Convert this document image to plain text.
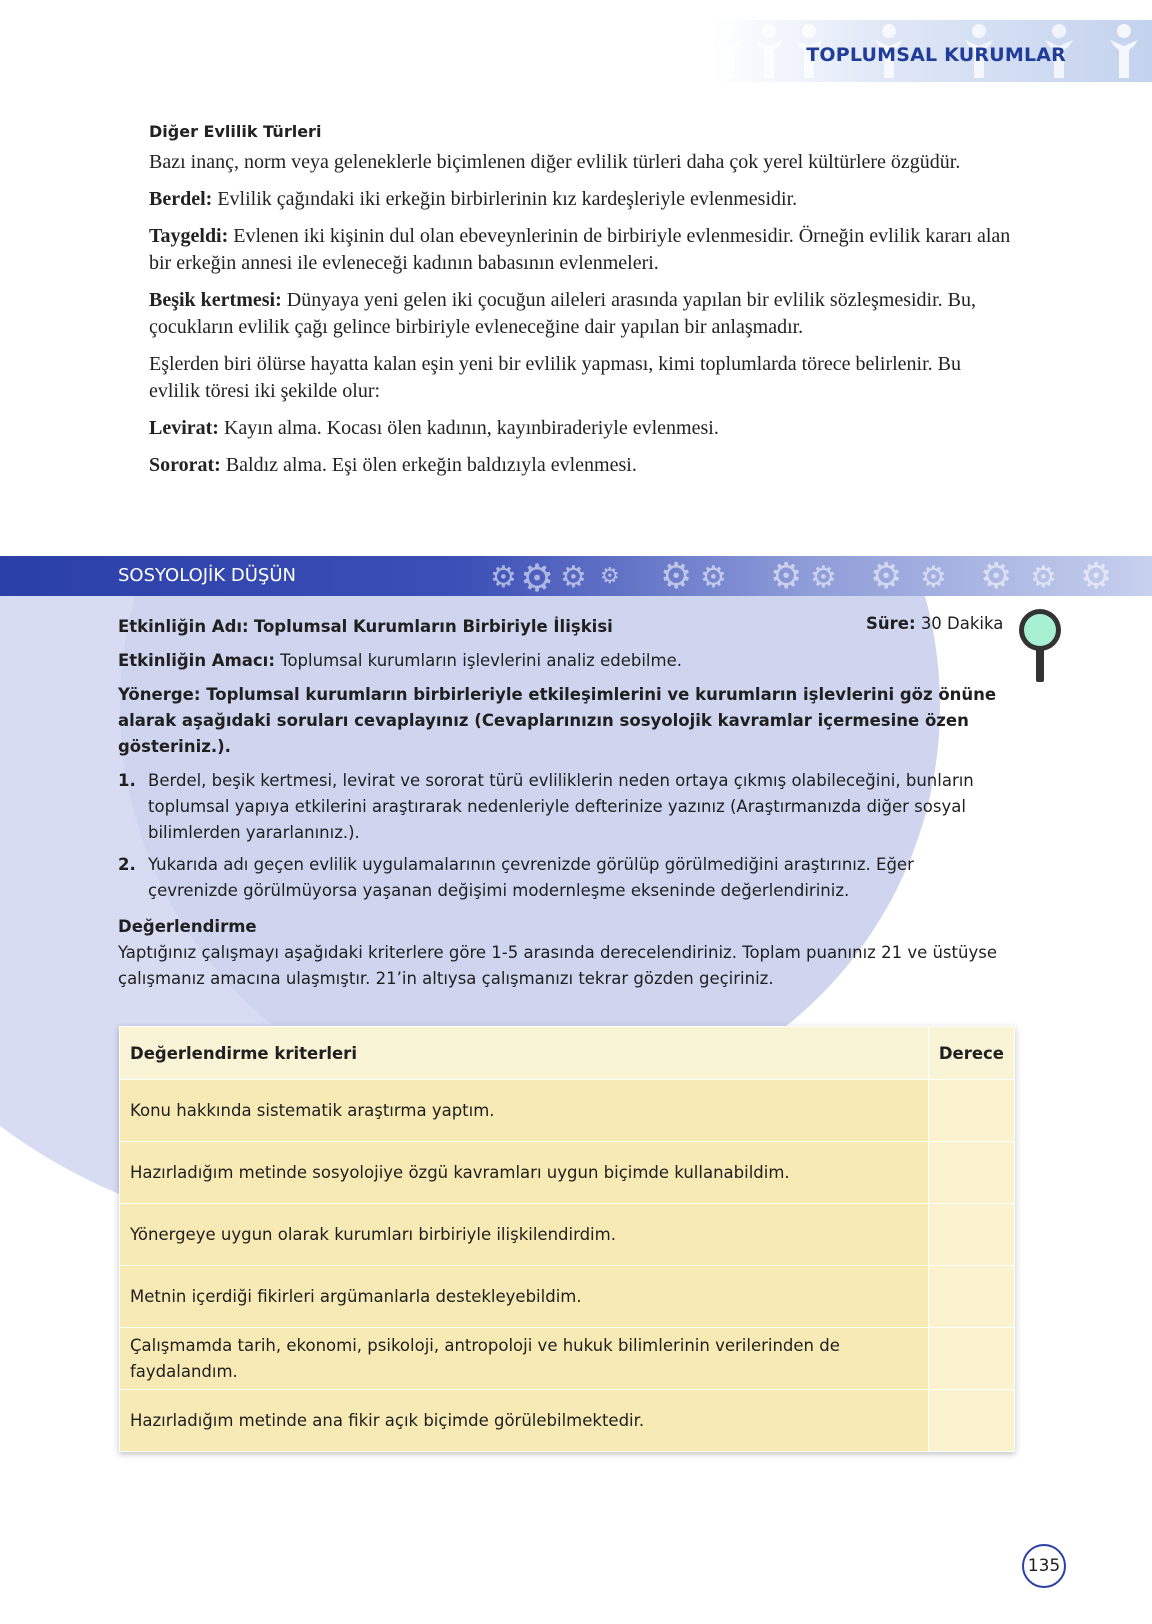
TOPLUMSAL KURUMLAR

Diğer Evlilik Türleri

Bazı inanç, norm veya geleneklerle biçimlenen diğer evlilik türleri daha çok yerel kültürlere özgüdür.

Berdel: Evlilik çağındaki iki erkeğin birbirlerinin kız kardeşleriyle evlenmesidir.

Taygeldi: Evlenen iki kişinin dul olan ebeveynlerinin de birbiriyle evlenmesidir. Örneğin evlilik kararı alan bir erkeğin annesi ile evleneceği kadının babasının evlenmeleri.

Beşik kertmesi: Dünyaya yeni gelen iki çocuğun aileleri arasında yapılan bir evlilik sözleşmesidir. Bu, çocukların evlilik çağı gelince birbiriyle evleneceğine dair yapılan bir anlaşmadır.

Eşlerden biri ölürse hayatta kalan eşin yeni bir evlilik yapması, kimi toplumlarda törece belirlenir. Bu evlilik töresi iki şekilde olur:

Levirat: Kayın alma. Kocası ölen kadının, kayınbiraderiyle evlenmesi.

Sororat: Baldız alma. Eşi ölen erkeğin baldızıyla evlenmesi.

SOSYOLOJİK DÜŞÜN	⚙ ⚙ ⚙ ⚙ ⚙ ⚙ ⚙ ⚙ ⚙ ⚙ ⚙ ⚙ ⚙
Süre: 30 Dakika
Etkinliğin Adı: Toplumsal Kurumların Birbiriyle İlişkisi
Etkinliğin Amacı: Toplumsal kurumların işlevlerini analiz edebilme.
Yönerge: Toplumsal kurumların birbirleriyle etkileşimlerini ve kurumların işlevlerini göz önüne alarak aşağıdaki soruları cevaplayınız (Cevaplarınızın sosyolojik kavramlar içermesine özen gösteriniz.).
1. Berdel, beşik kertmesi, levirat ve sororat türü evliliklerin neden ortaya çıkmış olabileceğini, bunların toplumsal yapıya etkilerini araştırarak nedenleriyle defterinize yazınız (Araştırmanızda diğer sosyal bilimlerden yararlanınız.).
2. Yukarıda adı geçen evlilik uygulamalarının çevrenizde görülüp görülmediğini araştırınız. Eğer çevrenizde görülmüyorsa yaşanan değişimi modernleşme ekseninde değerlendiriniz.
Değerlendirme
Yaptığınız çalışmayı aşağıdaki kriterlere göre 1-5 arasında derecelendiriniz. Toplam puanınız 21 ve üstüyse çalışmanız amacına ulaşmıştır. 21’in altıysa çalışmanızı tekrar gözden geçiriniz.
Değerlendirme kriterleri	Derece
Konu hakkında sistematik araştırma yaptım.	
Hazırladığım metinde sosyolojiye özgü kavramları uygun biçimde kullanabildim.	
Yönergeye uygun olarak kurumları birbiriyle ilişkilendirdim.	
Metnin içerdiği fikirleri argümanlarla destekleyebildim.	
Çalışmamda tarih, ekonomi, psikoloji, antropoloji ve hukuk bilimlerinin verilerinden de faydalandım.	
Hazırladığım metinde ana fikir açık biçimde görülebilmektedir.	
135
